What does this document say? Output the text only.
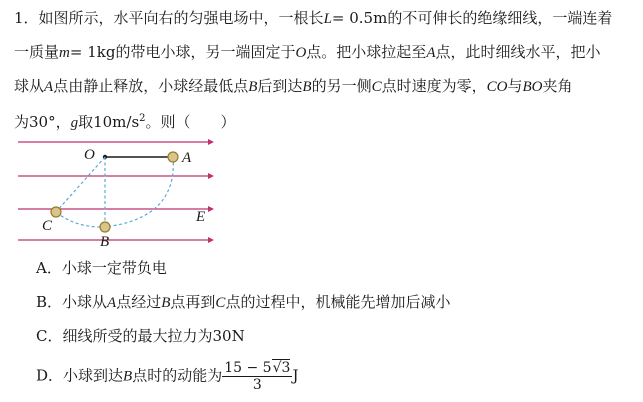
1．如图所示，水平向右的匀强电场中，一根长L= 0.5m的不可伸长的绝缘细线，一端连着
一质量m= 1kg的带电小球，另一端固定于O点。把小球拉起至A点，此时细线水平，把小
球从A点由静止释放，小球经最低点B后到达B的另一侧C点时速度为零，CO与BO夹角
为30°，g取$10m/s^2$。则（　　）
O	A
B
C
E
A．小球一定带负电
B．小球从A点经过B点再到C点的过程中，机械能先增加后减小
C．细线所受的最大拉力为30N
D．小球到达B点时的动能为 $\frac{15 - 5√3}{3}$ J
